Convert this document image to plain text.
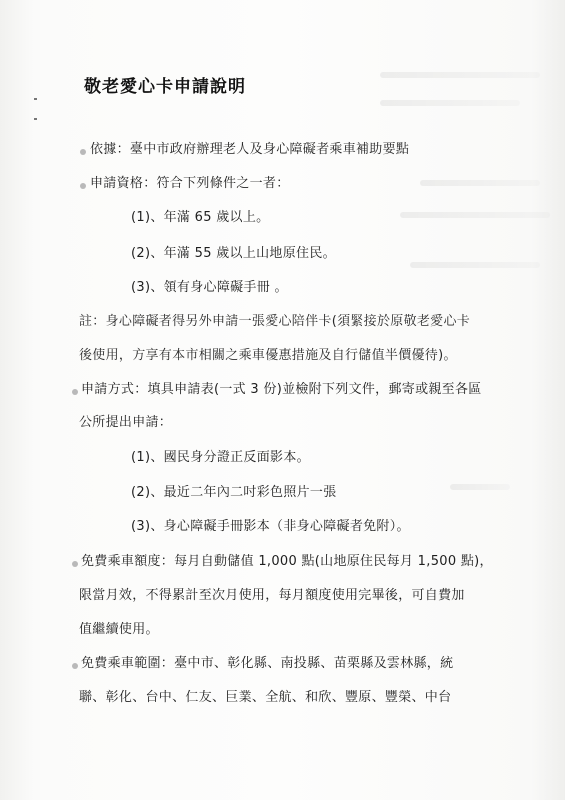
敬老愛心卡申請說明
依據：臺中市政府辦理老人及身心障礙者乘車補助要點
申請資格：符合下列條件之一者：
(1)、年滿 65 歲以上。
(2)、年滿 55 歲以上山地原住民。
(3)、領有身心障礙手冊 。
註：身心障礙者得另外申請一張愛心陪伴卡(須緊接於原敬老愛心卡
後使用，方享有本市相關之乘車優惠措施及自行儲值半價優待)。
申請方式：填具申請表(一式 3 份)並檢附下列文件，郵寄或親至各區
公所提出申請：
(1)、國民身分證正反面影本。
(2)、最近二年內二吋彩色照片一張
(3)、身心障礙手冊影本（非身心障礙者免附）。
免費乘車額度：每月自動儲值 1,000 點(山地原住民每月 1,500 點)，
限當月效，不得累計至次月使用，每月額度使用完畢後，可自費加
值繼續使用。
免費乘車範圍：臺中市、彰化縣、南投縣、苗栗縣及雲林縣，統
聯、彰化、台中、仁友、巨業、全航、和欣、豐原、豐榮、中台
